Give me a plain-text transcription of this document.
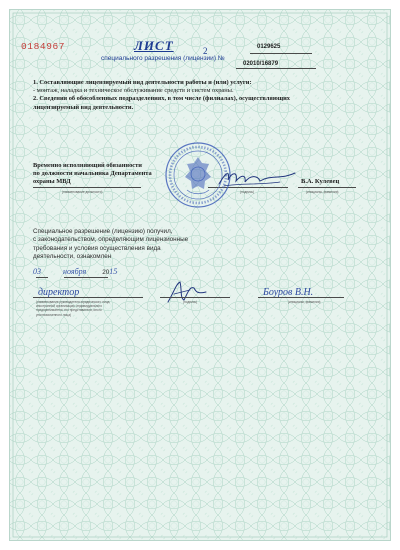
0184967	ЛИСТ	2	0129625
специального разрешения (лицензии) №
02010/16879
1. Составляющие лицензируемый вид деятельности работы и (или) услуги:
- монтаж, наладка и техническое обслуживание средств и систем охраны.
2. Сведения об обособленных подразделениях, в том числе (филиалах), осуществляющих
лицензируемый вид деятельности.
Временно исполняющий обязанности
по должности начальника Департамента
охраны МВД	В.А. Кулевец
(наименование должности)	(подпись)	(инициалы, фамилия)
Специальное разрешение (лицензию) получил,
с законодательством, определяющим лицензионные
требования и условия осуществления вида
деятельности, ознакомлен
03	ноября	2015
директор	Боуров В.Н.
(наименование руководителя юридического лица,
иностранной организации, индивидуального
предпринимателя, его представителя, иного
уполномоченного лица)
(подпись)	(инициалы, фамилия)
